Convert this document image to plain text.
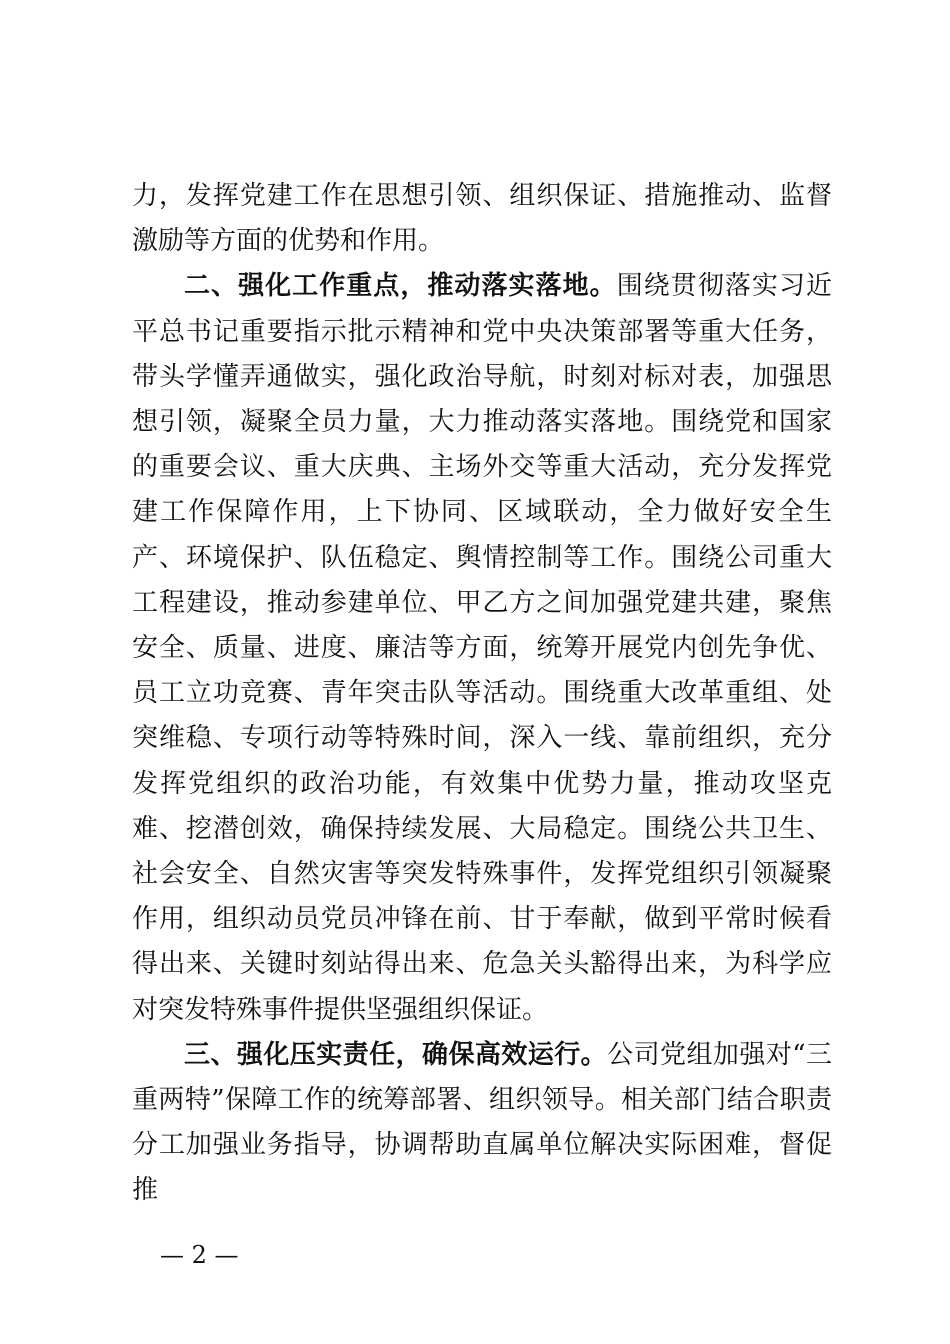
力，发挥党建工作在思想引领、组织保证、措施推动、监督激励等方面的优势和作用。

二、强化工作重点，推动落实落地。围绕贯彻落实习近平总书记重要指示批示精神和党中央决策部署等重大任务，带头学懂弄通做实，强化政治导航，时刻对标对表，加强思想引领，凝聚全员力量，大力推动落实落地。围绕党和国家的重要会议、重大庆典、主场外交等重大活动，充分发挥党建工作保障作用，上下协同、区域联动，全力做好安全生产、环境保护、队伍稳定、舆情控制等工作。围绕公司重大工程建设，推动参建单位、甲乙方之间加强党建共建，聚焦安全、质量、进度、廉洁等方面，统筹开展党内创先争优、员工立功竞赛、青年突击队等活动。围绕重大改革重组、处突维稳、专项行动等特殊时间，深入一线、靠前组织，充分发挥党组织的政治功能，有效集中优势力量，推动攻坚克难、挖潜创效，确保持续发展、大局稳定。围绕公共卫生、社会安全、自然灾害等突发特殊事件，发挥党组织引领凝聚作用，组织动员党员冲锋在前、甘于奉献，做到平常时候看得出来、关键时刻站得出来、危急关头豁得出来，为科学应对突发特殊事件提供坚强组织保证。

三、强化压实责任，确保高效运行。公司党组加强对“三重两特”保障工作的统筹部署、组织领导。相关部门结合职责分工加强业务指导，协调帮助直属单位解决实际困难，督促推

— 2 —
